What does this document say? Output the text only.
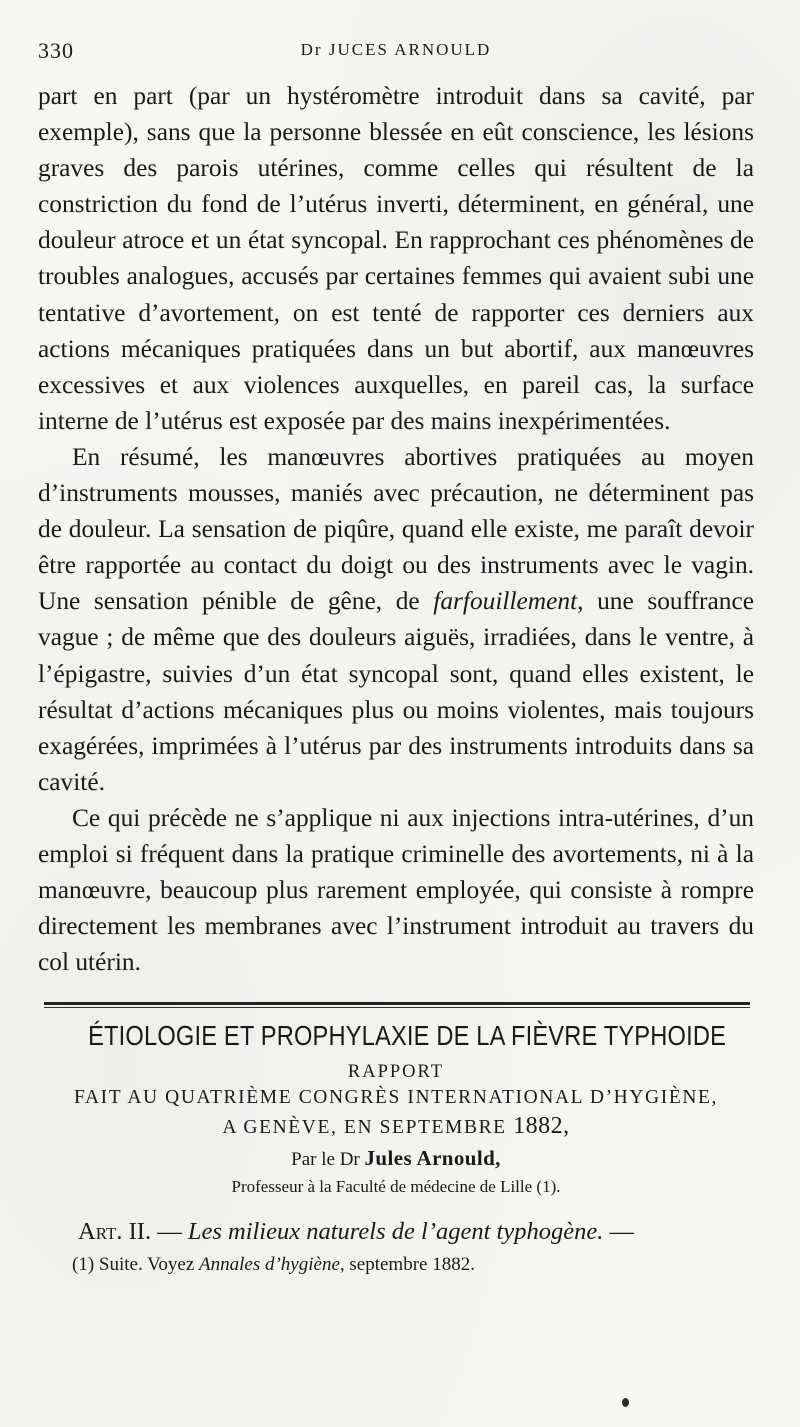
330	Dr JUCES ARNOULD

part en part (par un hystéromètre introduit dans sa cavité, par exemple), sans que la personne blessée en eût conscience, les lésions graves des parois utérines, comme celles qui résultent de la constriction du fond de l’utérus inverti, déterminent, en général, une douleur atroce et un état syncopal. En rapprochant ces phénomènes de troubles analogues, accusés par certaines femmes qui avaient subi une tentative d’avortement, on est tenté de rapporter ces derniers aux actions mécaniques pratiquées dans un but abortif, aux manœuvres excessives et aux violences auxquelles, en pareil cas, la surface interne de l’utérus est exposée par des mains inexpérimentées.

En résumé, les manœuvres abortives pratiquées au moyen d’instruments mousses, maniés avec précaution, ne déterminent pas de douleur. La sensation de piqûre, quand elle existe, me paraît devoir être rapportée au contact du doigt ou des instruments avec le vagin. Une sensation pénible de gêne, de farfouillement, une souffrance vague ; de même que des douleurs aiguës, irradiées, dans le ventre, à l’épigastre, suivies d’un état syncopal sont, quand elles existent, le résultat d’actions mécaniques plus ou moins violentes, mais toujours exagérées, imprimées à l’utérus par des instruments introduits dans sa cavité.

Ce qui précède ne s’applique ni aux injections intra-utérines, d’un emploi si fréquent dans la pratique criminelle des avortements, ni à la manœuvre, beaucoup plus rarement employée, qui consiste à rompre directement les membranes avec l’instrument introduit au travers du col utérin.

ÉTIOLOGIE ET PROPHYLAXIE DE LA FIÈVRE TYPHOIDE
RAPPORT
FAIT AU QUATRIÈME CONGRÈS INTERNATIONAL D’HYGIÈNE,
A GENÈVE, EN SEPTEMBRE 1882,
Par le Dr Jules Arnould,
Professeur à la Faculté de médecine de Lille (1).
Art. II. — Les milieux naturels de l’agent typhogène. —
(1) Suite. Voyez Annales d’hygiène, septembre 1882.
